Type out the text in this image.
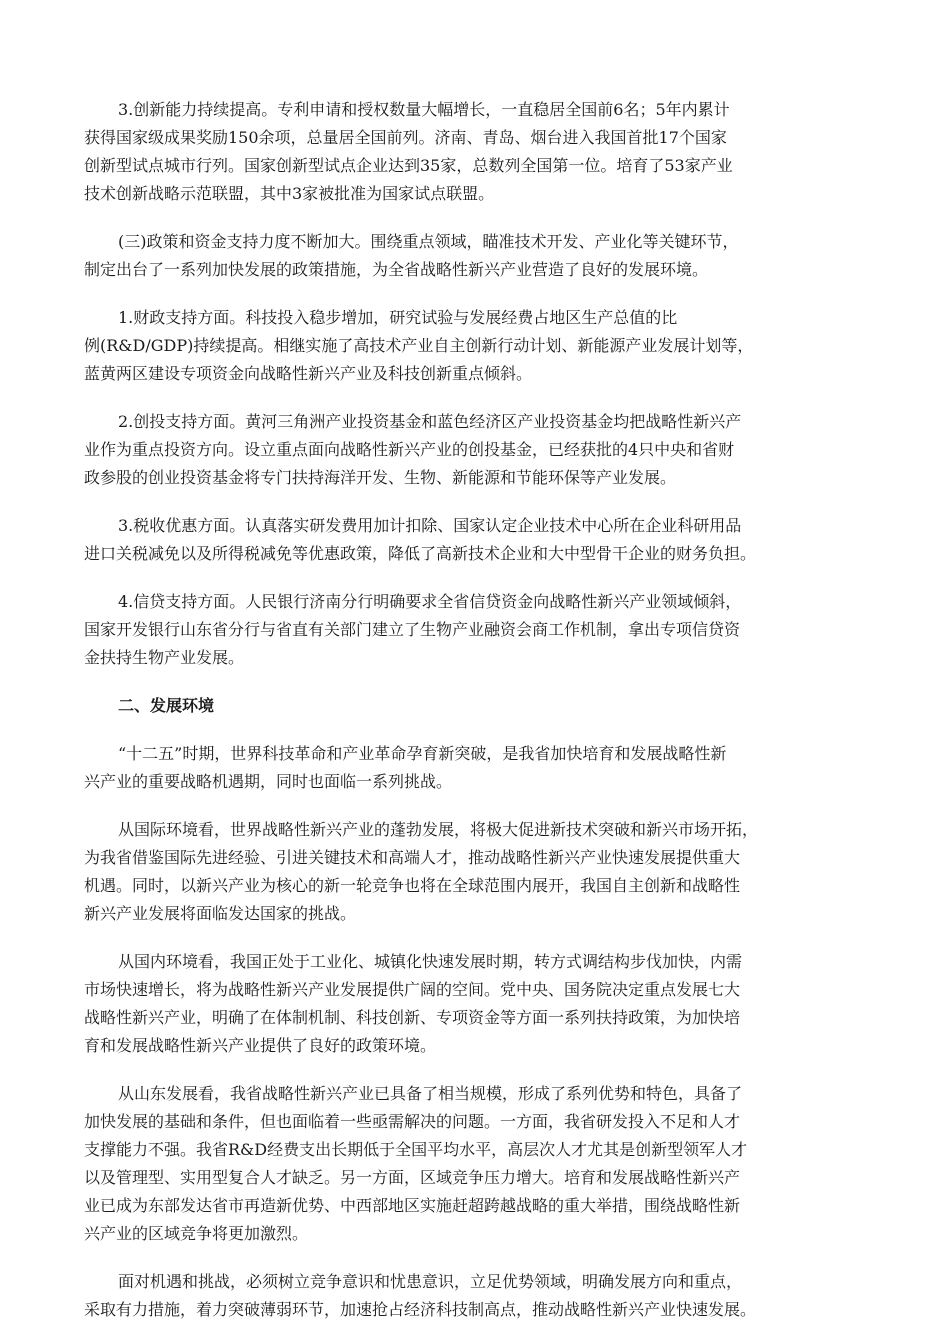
3.创新能力持续提高。专利申请和授权数量大幅增长，一直稳居全国前6名；5年内累计
获得国家级成果奖励150余项，总量居全国前列。济南、青岛、烟台进入我国首批17个国家
创新型试点城市行列。国家创新型试点企业达到35家，总数列全国第一位。培育了53家产业
技术创新战略示范联盟，其中3家被批准为国家试点联盟。
(三)政策和资金支持力度不断加大。围绕重点领域，瞄准技术开发、产业化等关键环节，
制定出台了一系列加快发展的政策措施，为全省战略性新兴产业营造了良好的发展环境。
1.财政支持方面。科技投入稳步增加，研究试验与发展经费占地区生产总值的比
例(R&D/GDP)持续提高。相继实施了高技术产业自主创新行动计划、新能源产业发展计划等，
蓝黄两区建设专项资金向战略性新兴产业及科技创新重点倾斜。
2.创投支持方面。黄河三角洲产业投资基金和蓝色经济区产业投资基金均把战略性新兴产
业作为重点投资方向。设立重点面向战略性新兴产业的创投基金，已经获批的4只中央和省财
政参股的创业投资基金将专门扶持海洋开发、生物、新能源和节能环保等产业发展。
3.税收优惠方面。认真落实研发费用加计扣除、国家认定企业技术中心所在企业科研用品
进口关税减免以及所得税减免等优惠政策，降低了高新技术企业和大中型骨干企业的财务负担。
4.信贷支持方面。人民银行济南分行明确要求全省信贷资金向战略性新兴产业领域倾斜，
国家开发银行山东省分行与省直有关部门建立了生物产业融资会商工作机制，拿出专项信贷资
金扶持生物产业发展。
二、发展环境
“十二五”时期，世界科技革命和产业革命孕育新突破，是我省加快培育和发展战略性新
兴产业的重要战略机遇期，同时也面临一系列挑战。
从国际环境看，世界战略性新兴产业的蓬勃发展，将极大促进新技术突破和新兴市场开拓，
为我省借鉴国际先进经验、引进关键技术和高端人才，推动战略性新兴产业快速发展提供重大
机遇。同时，以新兴产业为核心的新一轮竞争也将在全球范围内展开，我国自主创新和战略性
新兴产业发展将面临发达国家的挑战。
从国内环境看，我国正处于工业化、城镇化快速发展时期，转方式调结构步伐加快，内需
市场快速增长，将为战略性新兴产业发展提供广阔的空间。党中央、国务院决定重点发展七大
战略性新兴产业，明确了在体制机制、科技创新、专项资金等方面一系列扶持政策，为加快培
育和发展战略性新兴产业提供了良好的政策环境。
从山东发展看，我省战略性新兴产业已具备了相当规模，形成了系列优势和特色，具备了
加快发展的基础和条件，但也面临着一些亟需解决的问题。一方面，我省研发投入不足和人才
支撑能力不强。我省R&D经费支出长期低于全国平均水平，高层次人才尤其是创新型领军人才
以及管理型、实用型复合人才缺乏。另一方面，区域竞争压力增大。培育和发展战略性新兴产
业已成为东部发达省市再造新优势、中西部地区实施赶超跨越战略的重大举措，围绕战略性新
兴产业的区域竞争将更加激烈。
面对机遇和挑战，必须树立竞争意识和忧患意识，立足优势领域，明确发展方向和重点，
采取有力措施，着力突破薄弱环节，加速抢占经济科技制高点，推动战略性新兴产业快速发展。
